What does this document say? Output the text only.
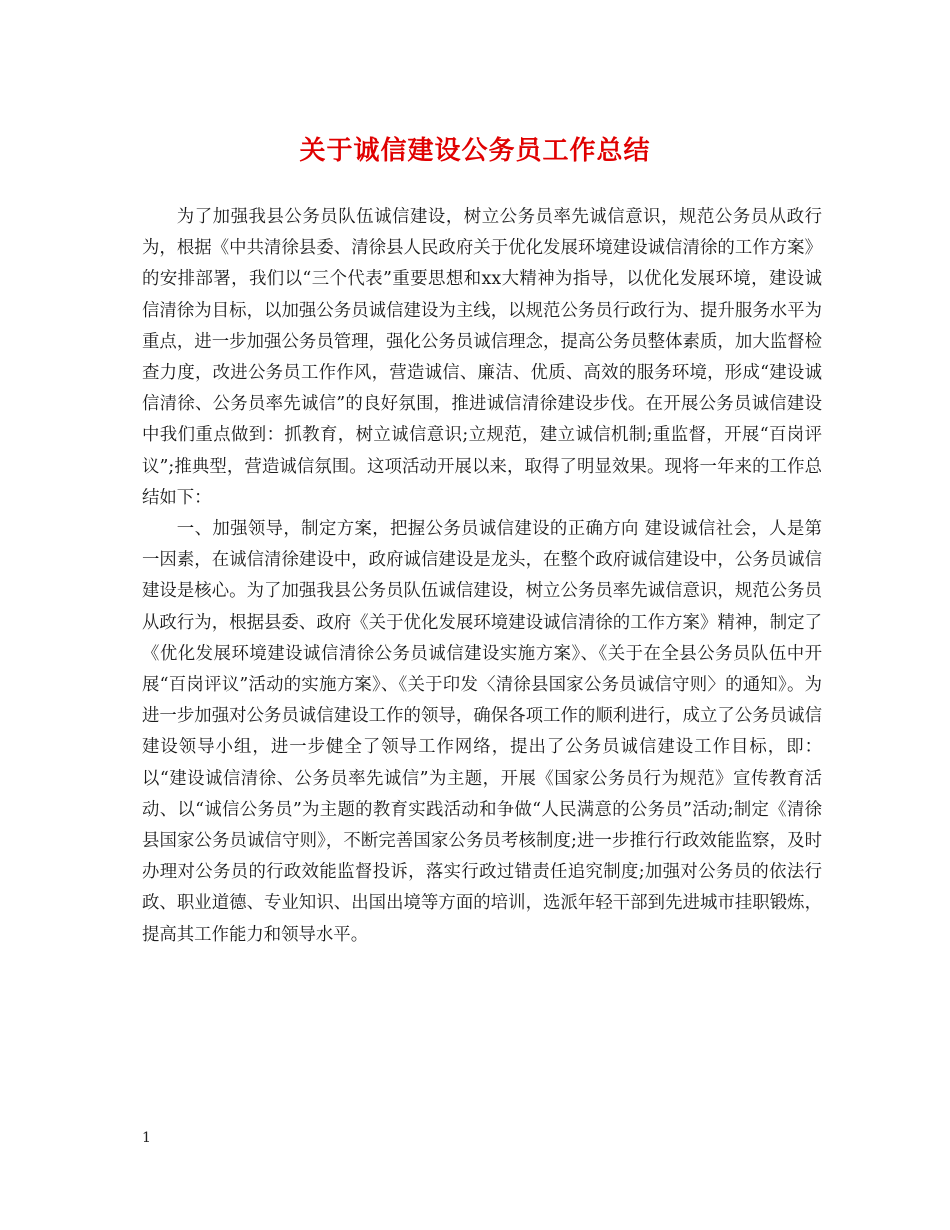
关于诚信建设公务员工作总结

为了加强我县公务员队伍诚信建设，树立公务员率先诚信意识，规范公务员从政行为，根据《中共清徐县委、清徐县人民政府关于优化发展环境建设诚信清徐的工作方案》的安排部署，我们以“三个代表”重要思想和xx大精神为指导，以优化发展环境，建设诚信清徐为目标，以加强公务员诚信建设为主线，以规范公务员行政行为、提升服务水平为重点，进一步加强公务员管理，强化公务员诚信理念，提高公务员整体素质，加大监督检查力度，改进公务员工作作风，营造诚信、廉洁、优质、高效的服务环境，形成“建设诚信清徐、公务员率先诚信”的良好氛围，推进诚信清徐建设步伐。在开展公务员诚信建设中我们重点做到：抓教育，树立诚信意识;立规范，建立诚信机制;重监督，开展“百岗评议”;推典型，营造诚信氛围。这项活动开展以来，取得了明显效果。现将一年来的工作总结如下：

一、加强领导，制定方案，把握公务员诚信建设的正确方向 建设诚信社会，人是第一因素，在诚信清徐建设中，政府诚信建设是龙头，在整个政府诚信建设中，公务员诚信建设是核心。为了加强我县公务员队伍诚信建设，树立公务员率先诚信意识，规范公务员从政行为，根据县委、政府《关于优化发展环境建设诚信清徐的工作方案》精神，制定了《优化发展环境建设诚信清徐公务员诚信建设实施方案》、《关于在全县公务员队伍中开展“百岗评议”活动的实施方案》、《关于印发〈清徐县国家公务员诚信守则〉的通知》。为进一步加强对公务员诚信建设工作的领导，确保各项工作的顺利进行，成立了公务员诚信建设领导小组，进一步健全了领导工作网络，提出了公务员诚信建设工作目标，即：以“建设诚信清徐、公务员率先诚信”为主题，开展《国家公务员行为规范》宣传教育活动、以“诚信公务员”为主题的教育实践活动和争做“人民满意的公务员”活动;制定《清徐县国家公务员诚信守则》，不断完善国家公务员考核制度;进一步推行行政效能监察，及时办理对公务员的行政效能监督投诉，落实行政过错责任追究制度;加强对公务员的依法行政、职业道德、专业知识、出国出境等方面的培训，选派年轻干部到先进城市挂职锻炼，提高其工作能力和领导水平。

1
